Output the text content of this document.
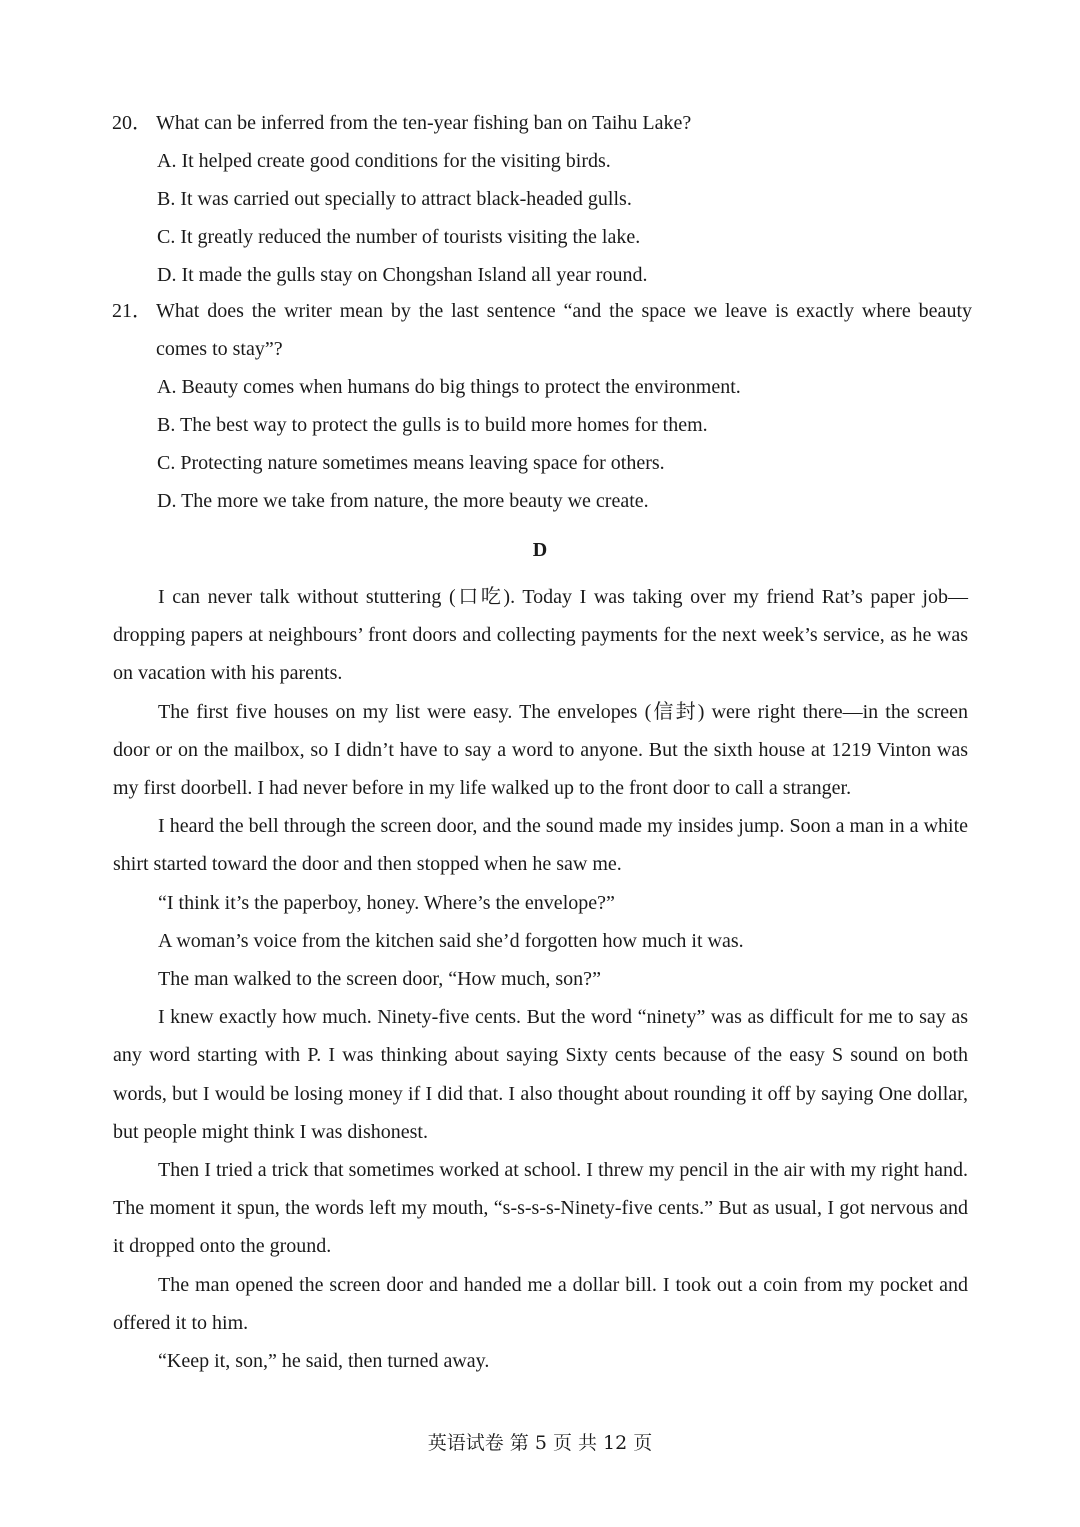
20． What can be inferred from the ten-year fishing ban on Taihu Lake?
A. It helped create good conditions for the visiting birds.
B. It was carried out specially to attract black-headed gulls.
C. It greatly reduced the number of tourists visiting the lake.
D. It made the gulls stay on Chongshan Island all year round.
21． What does the writer mean by the last sentence “and the space we leave is exactly where beauty comes to stay”?
A. Beauty comes when humans do big things to protect the environment.
B. The best way to protect the gulls is to build more homes for them.
C. Protecting nature sometimes means leaving space for others.
D. The more we take from nature, the more beauty we create.
D

I can never talk without stuttering (口吃). Today I was taking over my friend Rat’s paper job—dropping papers at neighbours’ front doors and collecting payments for the next week’s service, as he was on vacation with his parents.

The first five houses on my list were easy. The envelopes (信封) were right there—in the screen door or on the mailbox, so I didn’t have to say a word to anyone. But the sixth house at 1219 Vinton was my first doorbell. I had never before in my life walked up to the front door to call a stranger.

I heard the bell through the screen door, and the sound made my insides jump. Soon a man in a white shirt started toward the door and then stopped when he saw me.

“I think it’s the paperboy, honey. Where’s the envelope?”

A woman’s voice from the kitchen said she’d forgotten how much it was.

The man walked to the screen door, “How much, son?”

I knew exactly how much. Ninety-five cents. But the word “ninety” was as difficult for me to say as any word starting with P. I was thinking about saying Sixty cents because of the easy S sound on both words, but I would be losing money if I did that. I also thought about rounding it off by saying One dollar, but people might think I was dishonest.

Then I tried a trick that sometimes worked at school. I threw my pencil in the air with my right hand. The moment it spun, the words left my mouth, “s-s-s-s-Ninety-five cents.” But as usual, I got nervous and it dropped onto the ground.

The man opened the screen door and handed me a dollar bill. I took out a coin from my pocket and offered it to him.

“Keep it, son,” he said, then turned away.

英语试卷 第 5 页 共 12 页
